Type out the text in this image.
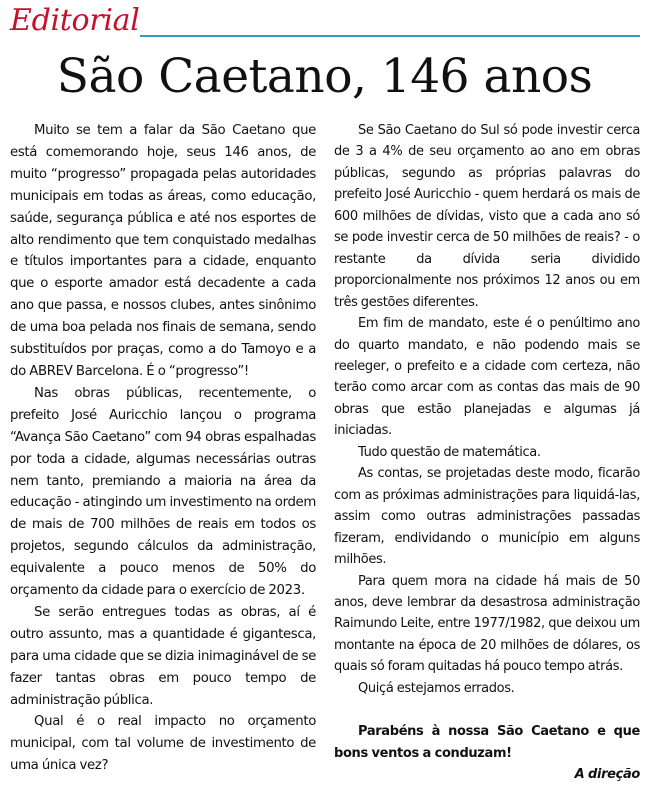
Editorial
São Caetano, 146 anos

Muito se tem a falar da São Caetano que está comemorando hoje, seus 146 anos, de muito “progresso” propagada pelas autoridades municipais em todas as áreas, como educação, saúde, segurança pública e até nos esportes de alto rendimento que tem conquistado medalhas e títulos importantes para a cidade, enquanto que o esporte amador está decadente a cada ano que passa, e nossos clubes, antes sinônimo de uma boa pelada nos finais de semana, sendo substituídos por praças, como a do Tamoyo e a do ABREV Barcelona. É o “progresso”!

Nas obras públicas, recentemente, o prefeito José Auricchio lançou o programa “Avança São Caetano” com 94 obras espalhadas por toda a cidade, algumas necessárias outras nem tanto, premiando a maioria na área da educação - atingindo um investimento na ordem de mais de 700 milhões de reais em todos os projetos, segundo cálculos da administração, equivalente a pouco menos de 50% do orçamento da cidade para o exercício de 2023.

Se serão entregues todas as obras, aí é outro assunto, mas a quantidade é gigantesca, para uma cidade que se dizia inimaginável de se fazer tantas obras em pouco tempo de administração pública.

Qual é o real impacto no orçamento municipal, com tal volume de investimento de uma única vez?

Se São Caetano do Sul só pode investir cerca de 3 a 4% de seu orçamento ao ano em obras públicas, segundo as próprias palavras do prefeito José Auricchio - quem herdará os mais de 600 milhões de dívidas, visto que a cada ano só se pode investir cerca de 50 milhões de reais? - o restante da dívida seria dividido proporcionalmente nos próximos 12 anos ou em três gestões diferentes.

Em fim de mandato, este é o penúltimo ano do quarto mandato, e não podendo mais se reeleger, o prefeito e a cidade com certeza, não terão como arcar com as contas das mais de 90 obras que estão planejadas e algumas já iniciadas.

Tudo questão de matemática.

As contas, se projetadas deste modo, ficarão com as próximas administrações para liquidá-las, assim como outras administrações passadas fizeram, endividando o município em alguns milhões.

Para quem mora na cidade há mais de 50 anos, deve lembrar da desastrosa administração Raimundo Leite, entre 1977/1982, que deixou um montante na época de 20 milhões de dólares, os quais só foram quitadas há pouco tempo atrás.

Quiçá estejamos errados.

Parabéns à nossa São Caetano e que bons ventos a conduzam!

A direção
